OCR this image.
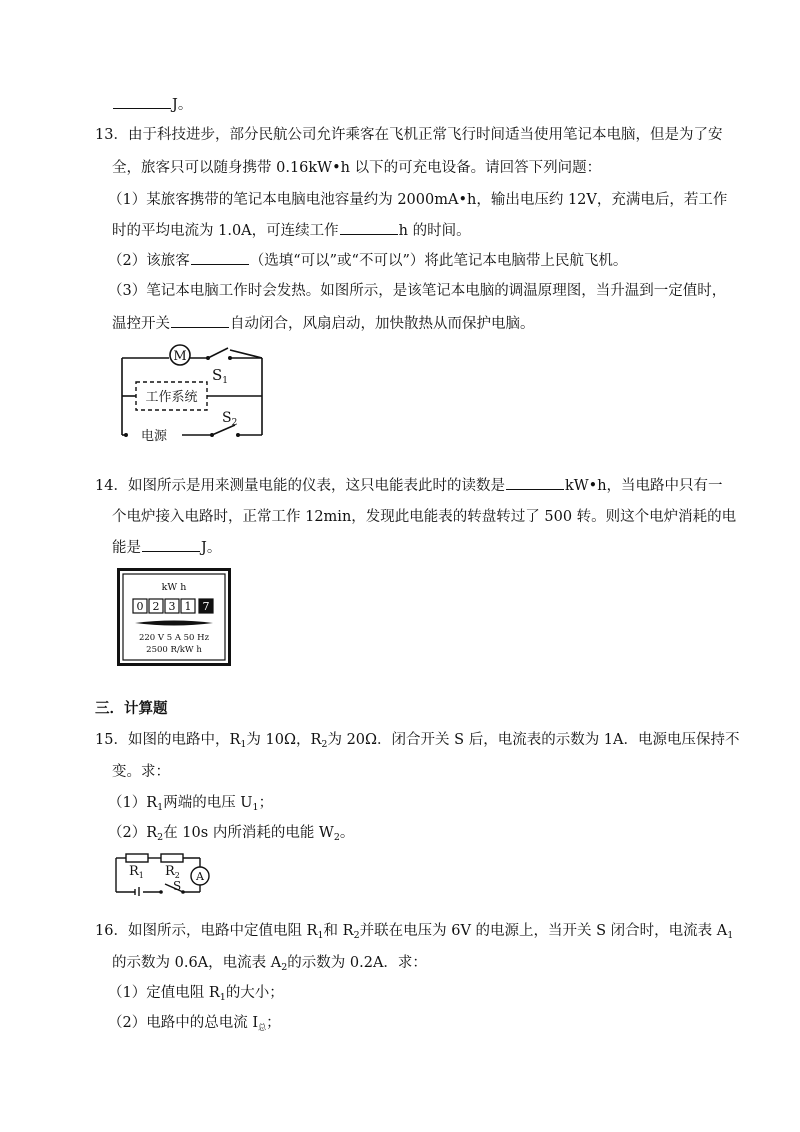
J。
13．由于科技进步，部分民航公司允许乘客在飞机正常飞行时间适当使用笔记本电脑，但是为了安
全，旅客只可以随身携带 0.16kW•h 以下的可充电设备。请回答下列问题：
（1）某旅客携带的笔记本电脑电池容量约为 2000mA•h，输出电压约 12V，充满电后，若工作
时的平均电流为 1.0A，可连续工作	h 的时间。
（2）该旅客	（选填“可以”或“不可以”）将此笔记本电脑带上民航飞机。
（3）笔记本电脑工作时会发热。如图所示，是该笔记本电脑的调温原理图，当升温到一定值时，
温控开关	自动闭合，风扇启动，加快散热从而保护电脑。
M
$S_1$
工作系统
电源
$S_2$
14．如图所示是用来测量电能的仪表，这只电能表此时的读数是	kW•h，当电路中只有一
个电炉接入电路时，正常工作 12min，发现此电能表的转盘转过了 500 转。则这个电炉消耗的电
能是	J。
kW h
0 2 3 1 7
220 V 5 A 50 Hz
2500 R/kW h
三．计算题
15．如图的电路中，$R_1$为 10Ω，$R_2$为 20Ω．闭合开关 S 后，电流表的示数为 1A．电源电压保持不
变。求：
$(1)R_1$两端的电压 $U_1$；
$(2)R_2$在 10s 内所消耗的电能 $W_2$。
A
$R_1$ $R_2$
S
16．如图所示，电路中定值电阻 $R_1$和 $R_2$并联在电压为 6V 的电源上，当开关 S 闭合时，电流表 $A_1$
的示数为 0.6A，电流表 $A_2$的示数为 0.2A．求：
（1）定值电阻 $R_1$的大小；
（2）电路中的总电流 $I_总$；
